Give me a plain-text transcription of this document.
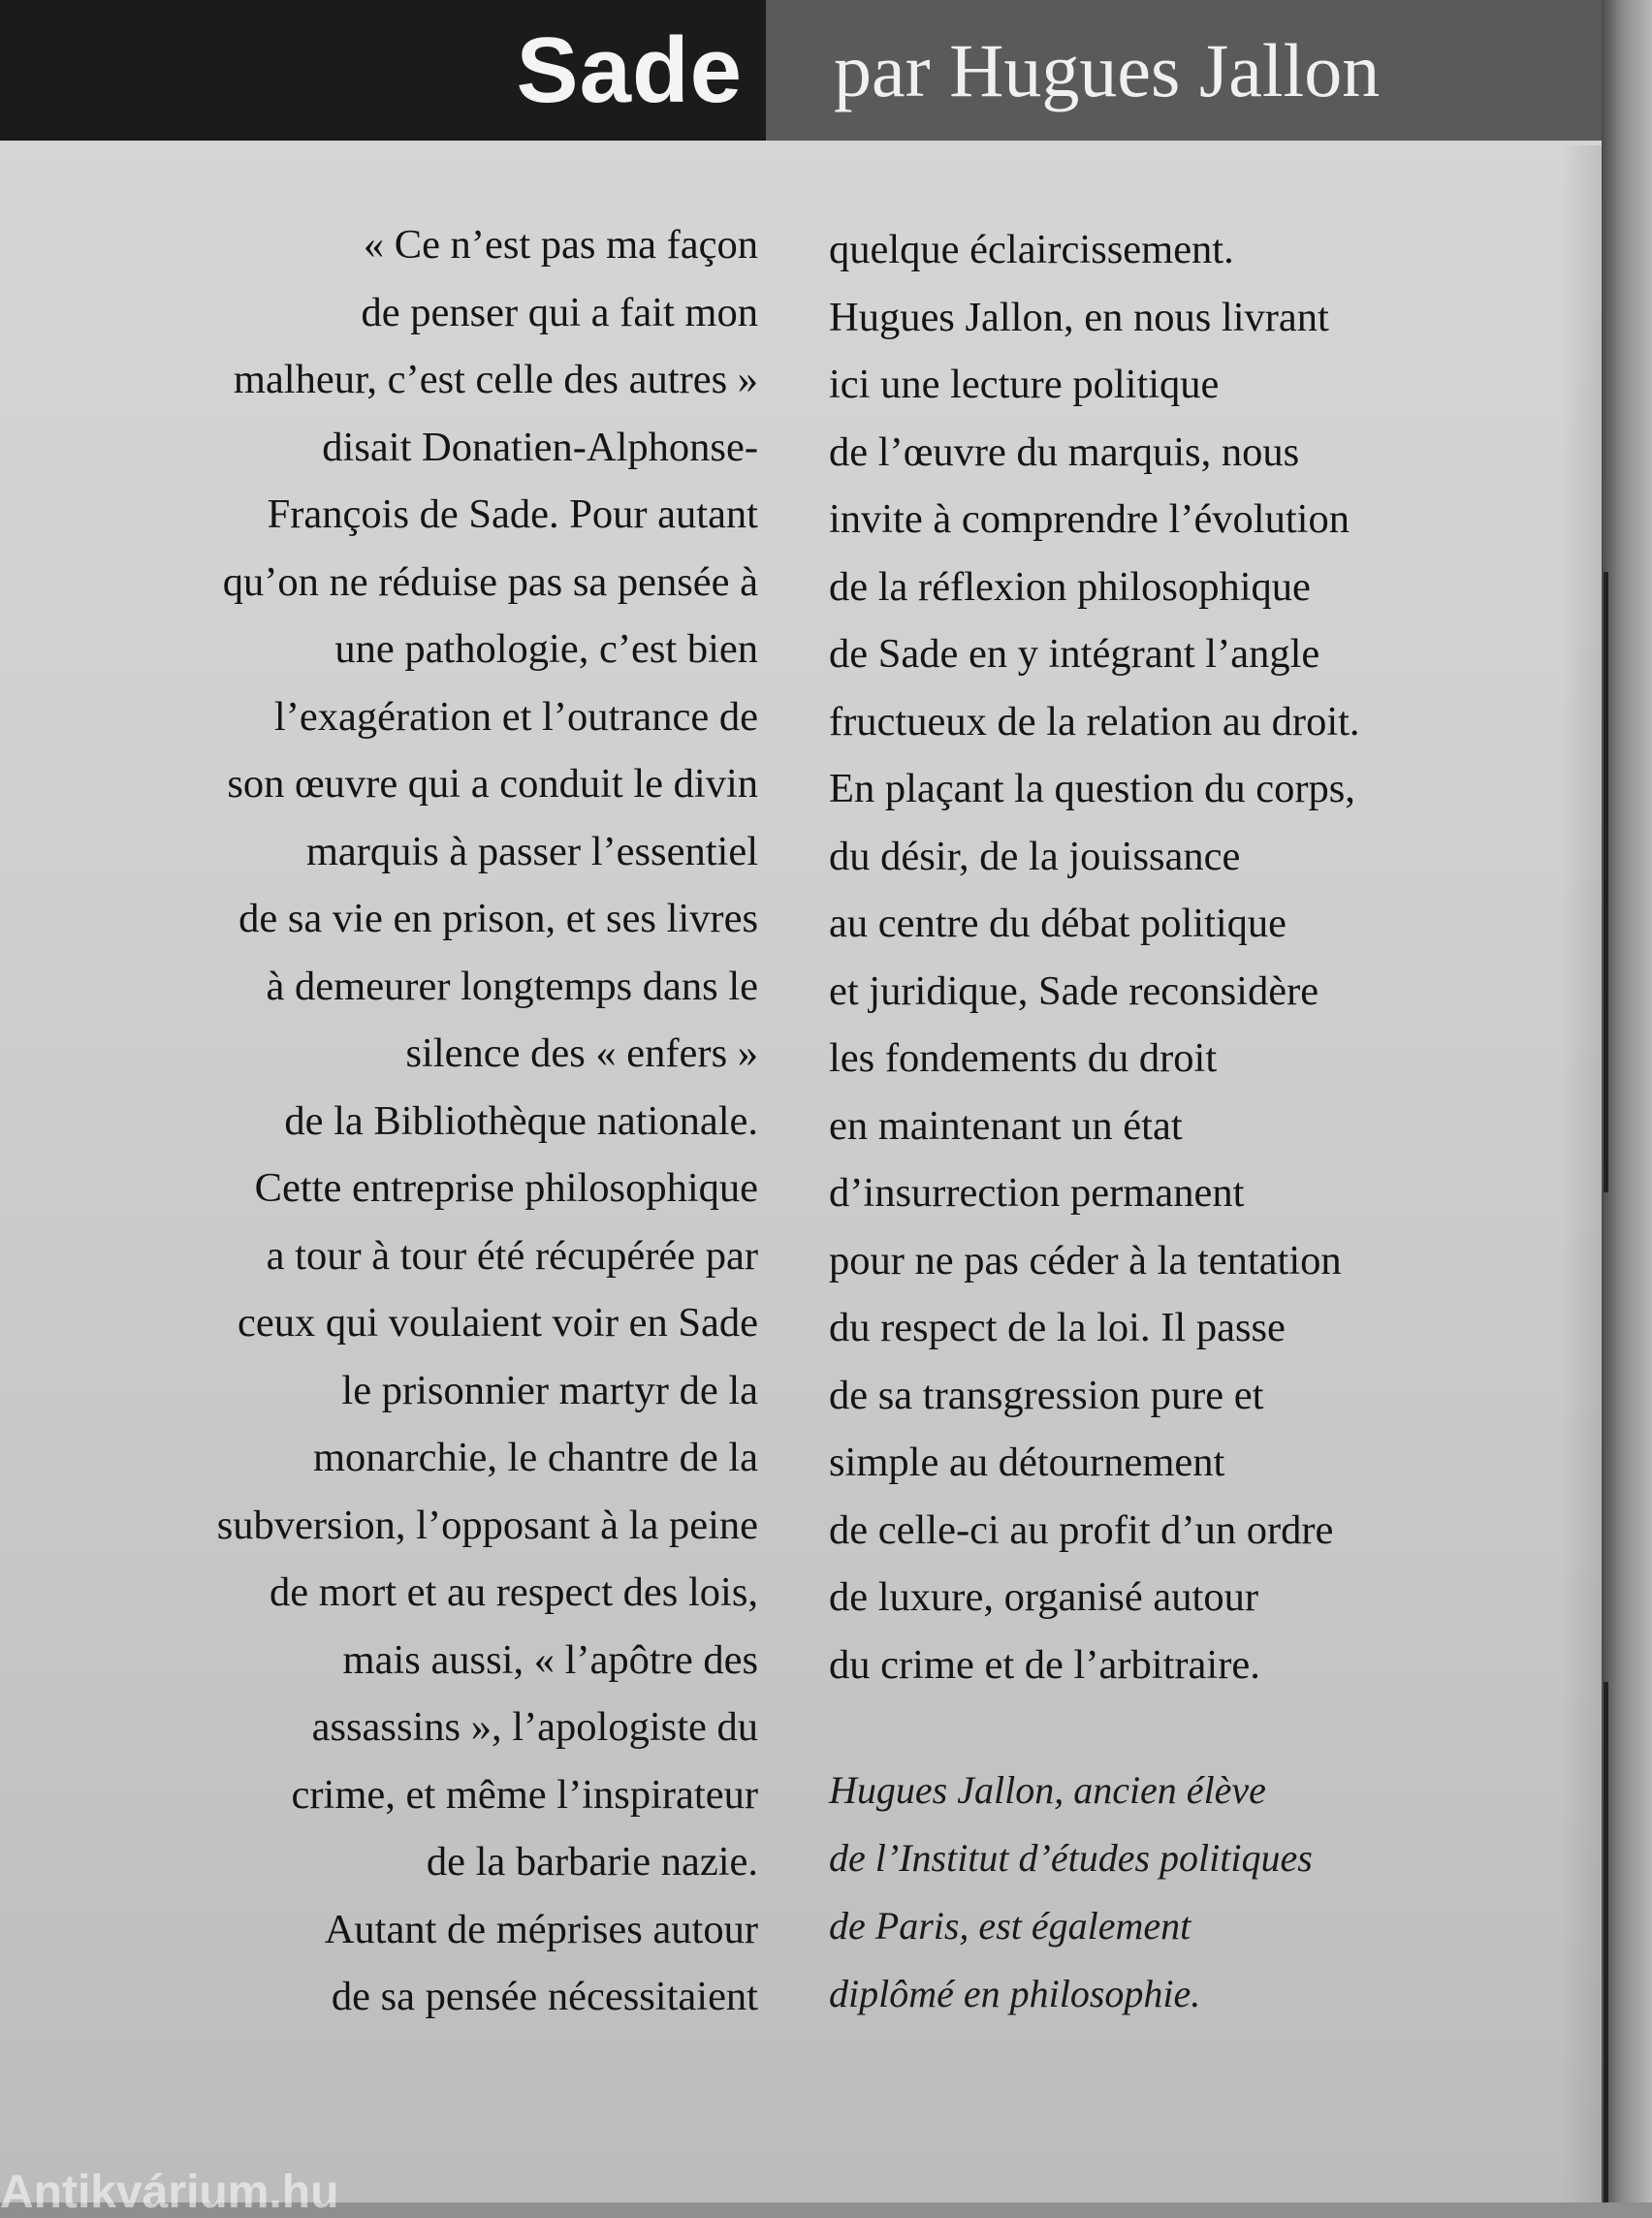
Sade par Hugues Jallon
« Ce n’est pas ma façon
de penser qui a fait mon
malheur, c’est celle des autres »
disait Donatien-Alphonse-
François de Sade. Pour autant
qu’on ne réduise pas sa pensée à
une pathologie, c’est bien
l’exagération et l’outrance de
son œuvre qui a conduit le divin
marquis à passer l’essentiel
de sa vie en prison, et ses livres
à demeurer longtemps dans le
silence des « enfers »
de la Bibliothèque nationale.
Cette entreprise philosophique
a tour à tour été récupérée par
ceux qui voulaient voir en Sade
le prisonnier martyr de la
monarchie, le chantre de la
subversion, l’opposant à la peine
de mort et au respect des lois,
mais aussi, « l’apôtre des
assassins », l’apologiste du
crime, et même l’inspirateur
de la barbarie nazie.
Autant de méprises autour
de sa pensée nécessitaient
quelque éclaircissement.
Hugues Jallon, en nous livrant
ici une lecture politique
de l’œuvre du marquis, nous
invite à comprendre l’évolution
de la réflexion philosophique
de Sade en y intégrant l’angle
fructueux de la relation au droit.
En plaçant la question du corps,
du désir, de la jouissance
au centre du débat politique
et juridique, Sade reconsidère
les fondements du droit
en maintenant un état
d’insurrection permanent
pour ne pas céder à la tentation
du respect de la loi. Il passe
de sa transgression pure et
simple au détournement
de celle-ci au profit d’un ordre
de luxure, organisé autour
du crime et de l’arbitraire.
Hugues Jallon, ancien élève
de l’Institut d’études politiques
de Paris, est également
diplômé en philosophie.
Antikvárium.hu
